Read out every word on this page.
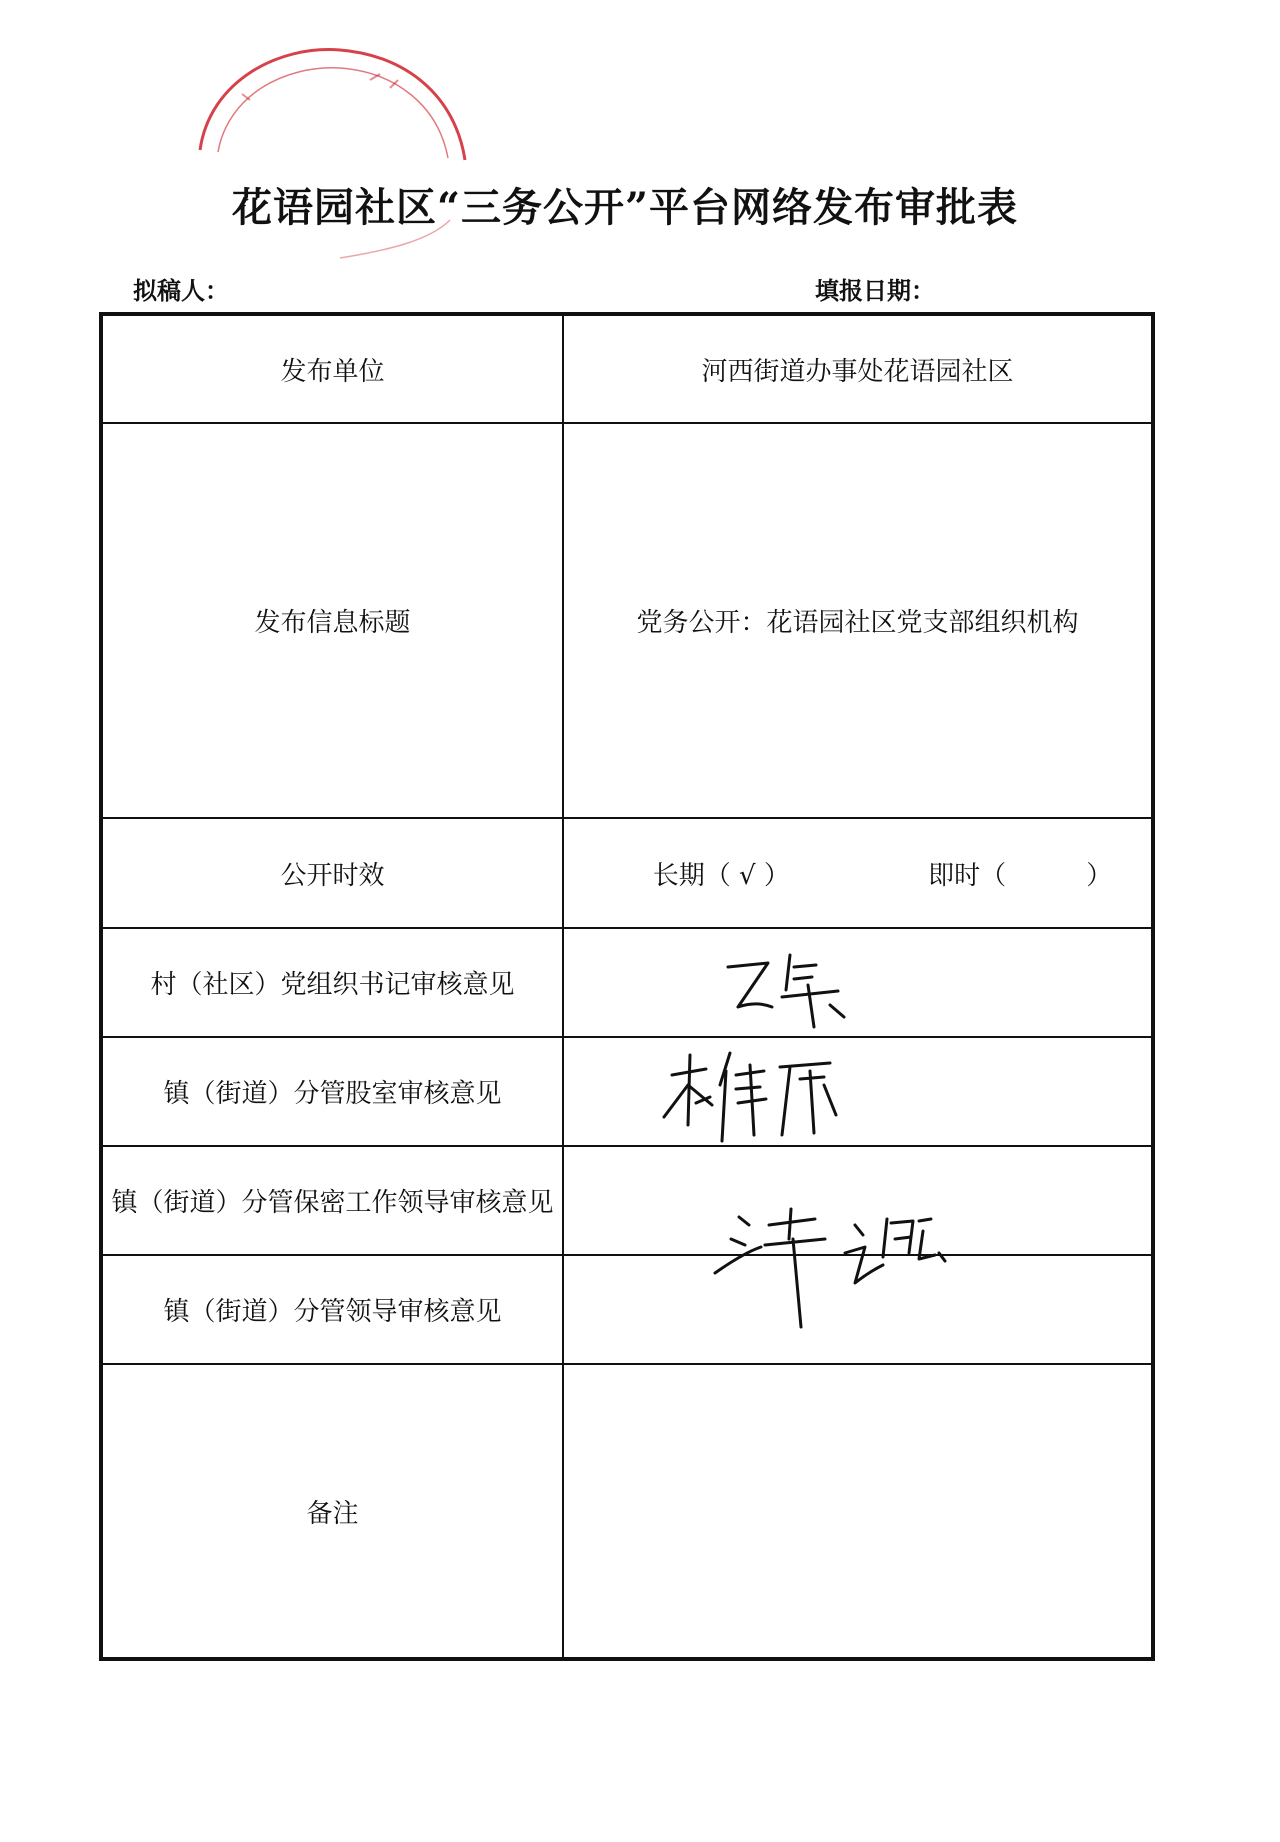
花语园社区“三务公开”平台网络发布审批表
拟稿人：	填报日期：
发布单位	河西街道办事处花语园社区
发布信息标题	党务公开：花语园社区党支部组织机构
公开时效	长期（ √ ） 即时（ ）
村（社区）党组织书记审核意见	
镇（街道）分管股室审核意见	
镇（街道）分管保密工作领导审核意见	
镇（街道）分管领导审核意见	
备注	
